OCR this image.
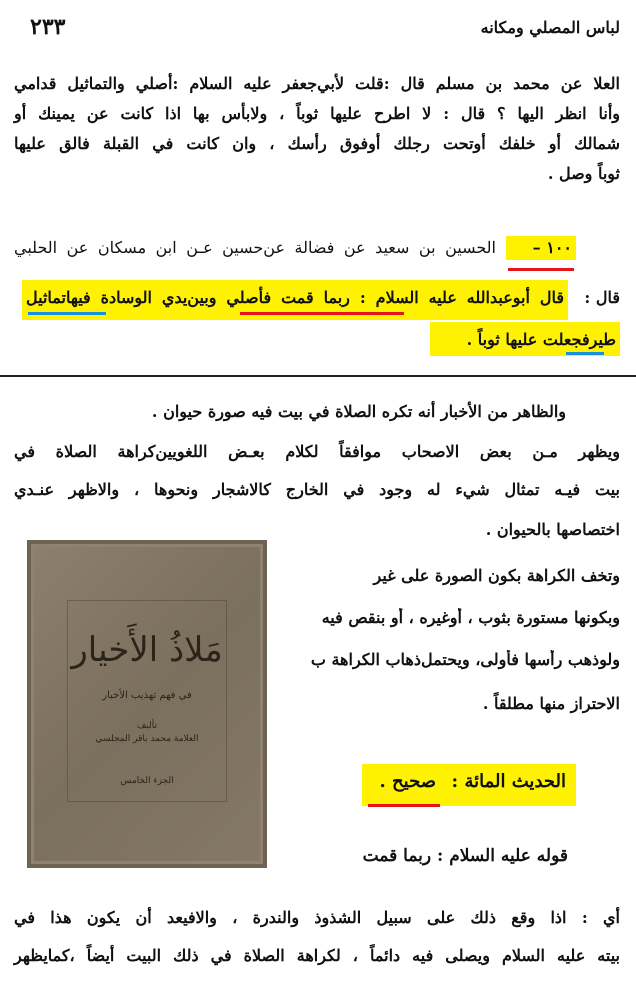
لباس المصلي ومكانه
٢٣٣
العلا عن محمد بن مسلم قال :قلت لأبي‌جعفر عليه السلام :أصلي والتماثيل قدامي
وأنا انظر اليها ؟ قال : لا اطرح عليها ثوباً ، ولابأس بها اذا كانت عن يمينك أو
شمالك أو خلفك أوتحت رجلك أوفوق رأسك ، وان كانت في القبلة فالق عليها
ثوباً وصل .
١٠٠ –
الحسين بن سعيد عن فضالة عن‌حسين عـن ابن مسكان عن الحلبي
قال :
قال أبوعبدالله عليه السلام : ربما قمت فأصلي وبين‌يدي الوسادة فيهاتماثيل
طيرفجعلت عليها ثوباً .
والظاهر من الأخبار أنه تكره الصلاة في بيت فيه صورة حيوان .
ويظهر مـن بعض الاصحاب موافقاً لكلام بعـض اللغويين‌كراهة الصلاة في
بيت فيـه تمثال شيء له وجود في الخارج كالاشجار ونحوها ، والاظهر عنـدي
اختصاصها بالحيوان .
وتخف الكراهة بكون الصورة على غير
وبكونها مستورة بثوب ، أوغيره ، أو بنقص فيه
ولوذهب رأسها فأولى، ويحتمل‌ذهاب الكراهة ب
الاحتراز منها مطلقاً .
مَلاذُ الأَخيار
في فهم تهذيب الأخبار
تأليف
العلامة محمد باقر المجلسي
الجزء الخامس	الحديث المائة :
صحيح .
قوله عليه السلام : ربما قمت
أي : اذا وقع ذلك على سبيل الشذوذ والندرة ، والافيعد أن يكون هذا في
بيته عليه السلام ويصلى فيه دائماً ، لكراهة الصلاة في ذلك البيت أيضاً ،كمايظهر
